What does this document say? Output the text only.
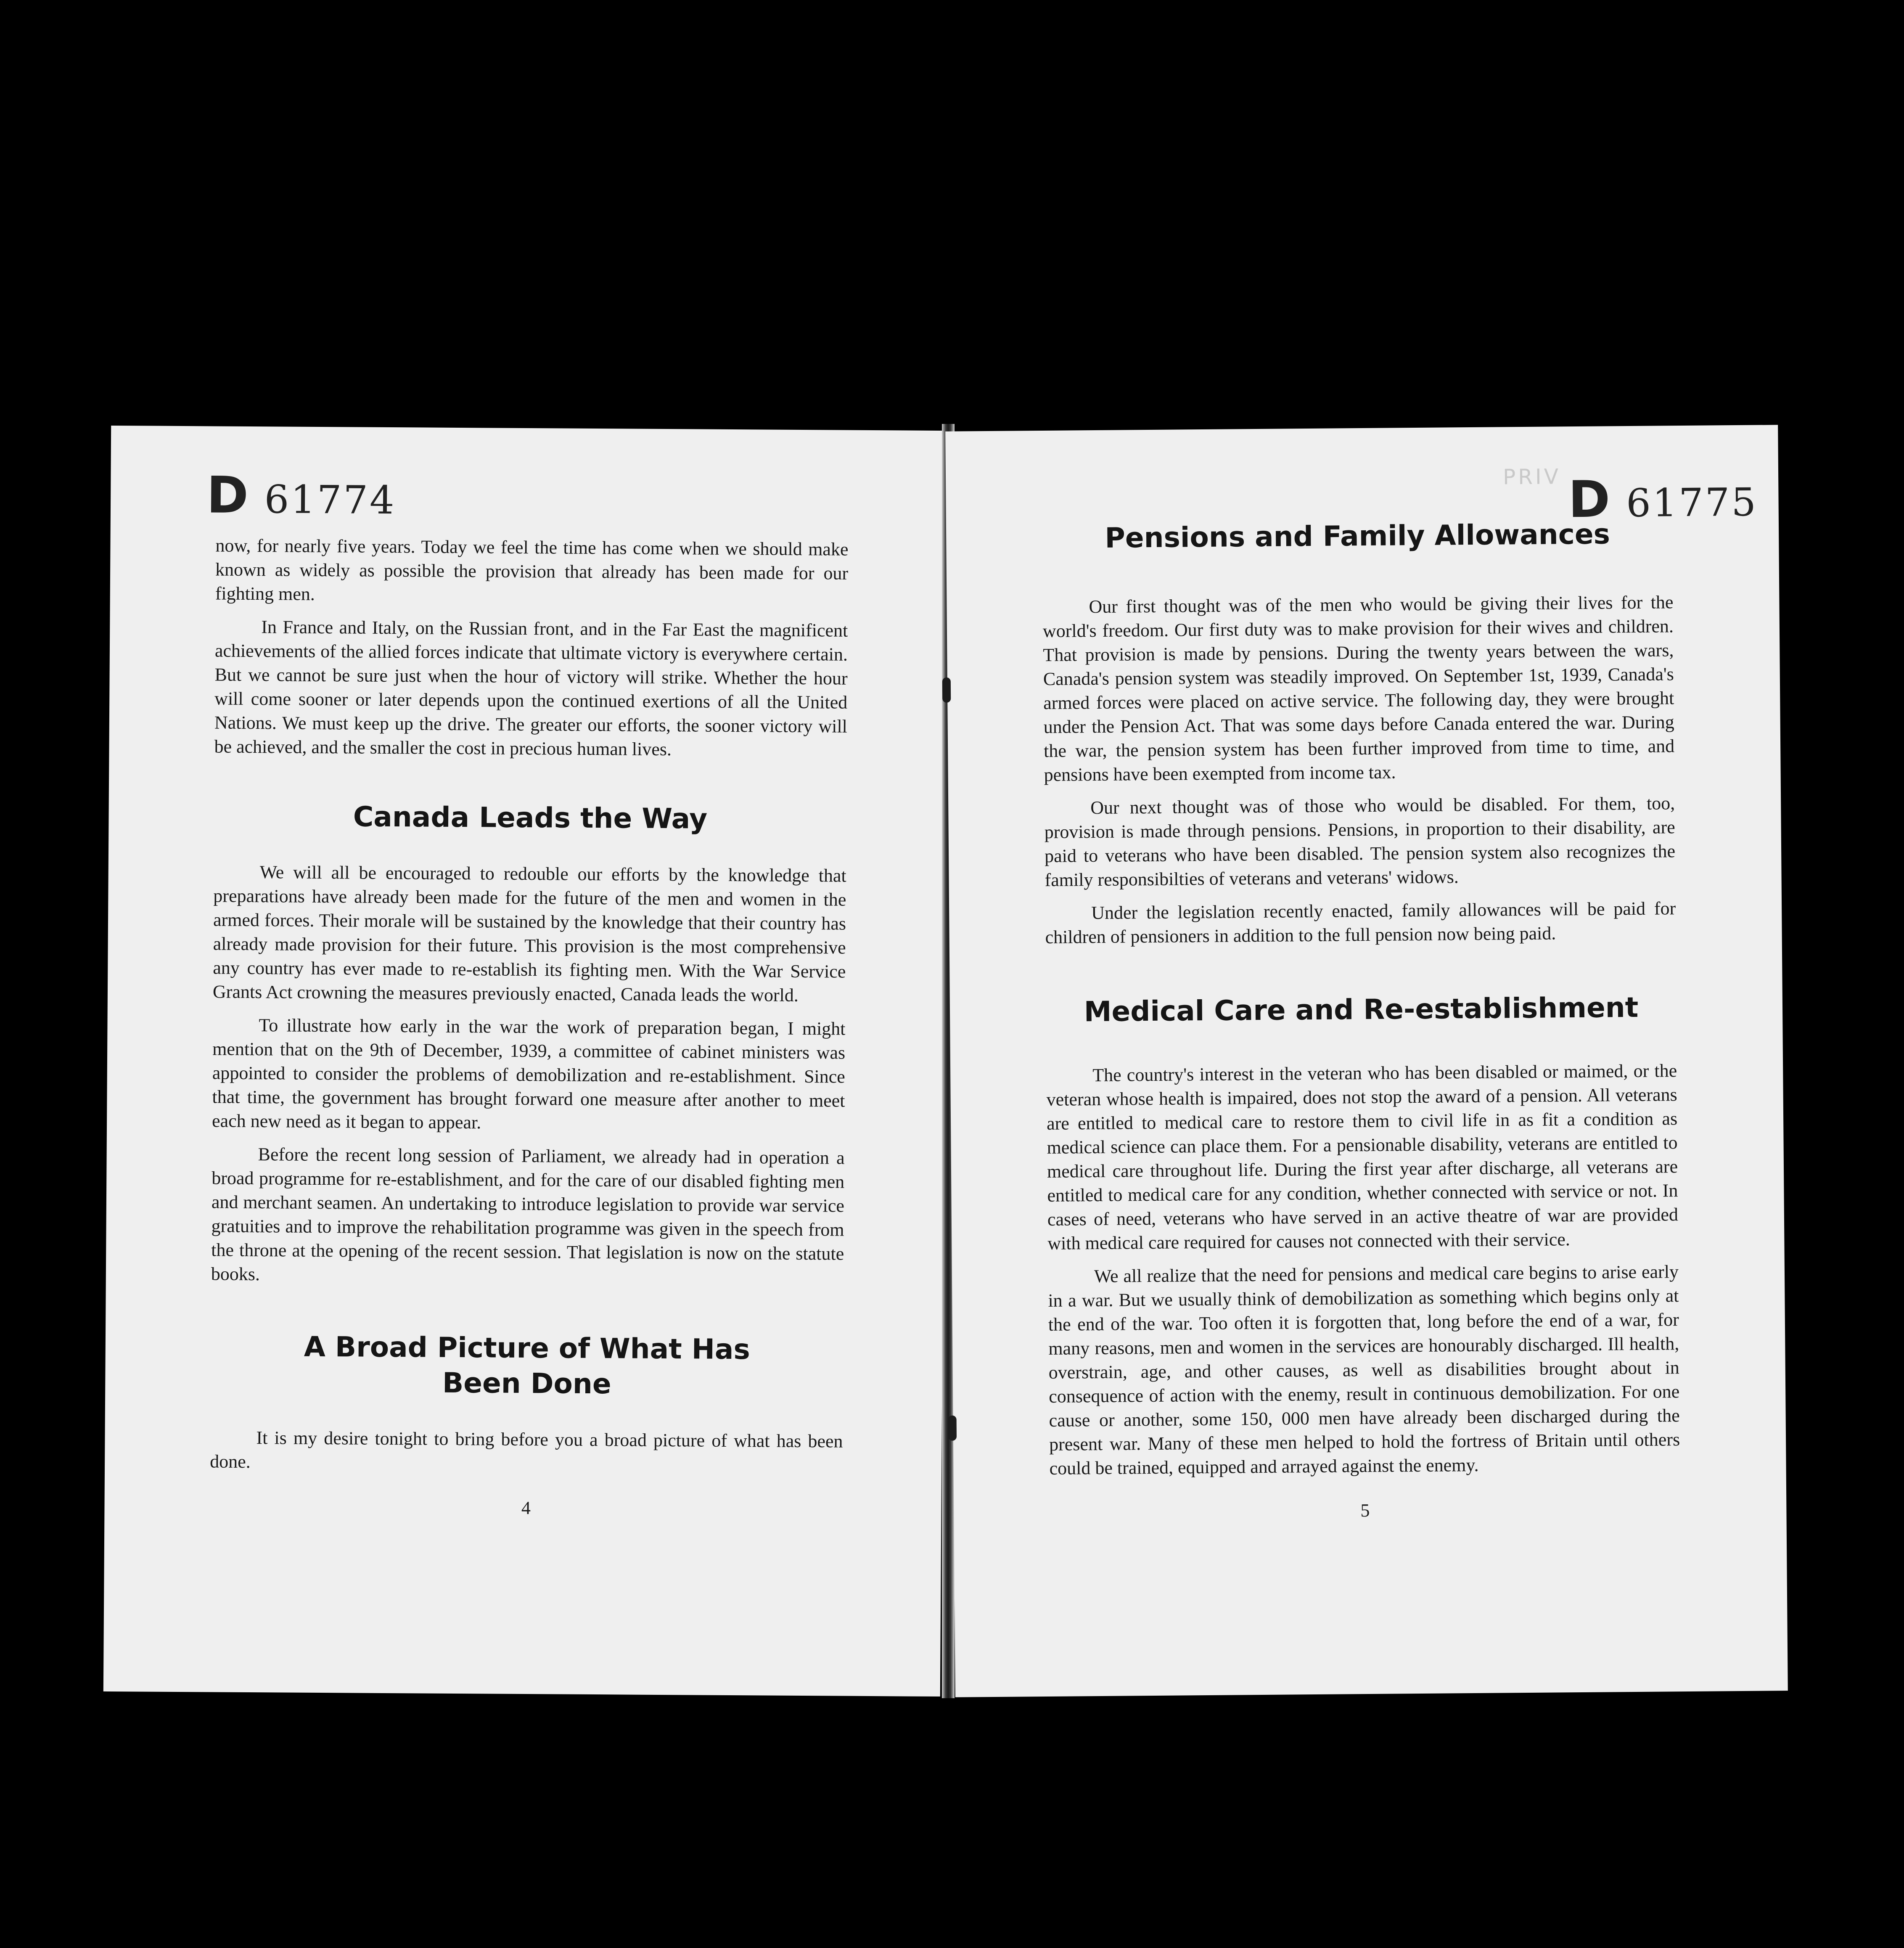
D 61774

now, for nearly five years. Today we feel the time has come when we should make known as widely as possible the provision that already has been made for our fighting men.

In France and Italy, on the Russian front, and in the Far East the magnificent achievements of the allied forces indicate that ultimate victory is everywhere certain. But we cannot be sure just when the hour of victory will strike. Whether the hour will come sooner or later depends upon the continued exertions of all the United Nations. We must keep up the drive. The greater our efforts, the sooner victory will be achieved, and the smaller the cost in precious human lives.

Canada Leads the Way

We will all be encouraged to redouble our efforts by the knowledge that preparations have already been made for the future of the men and women in the armed forces. Their morale will be sustained by the knowledge that their country has already made provision for their future. This provision is the most comprehensive any country has ever made to re-establish its fighting men. With the War Service Grants Act crowning the measures previously enacted, Canada leads the world.

To illustrate how early in the war the work of preparation began, I might mention that on the 9th of December, 1939, a committee of cabinet ministers was appointed to consider the problems of demobilization and re-establishment. Since that time, the government has brought forward one measure after another to meet each new need as it began to appear.

Before the recent long session of Parliament, we already had in operation a broad programme for re-establishment, and for the care of our disabled fighting men and merchant seamen. An undertaking to introduce legislation to provide war service gratuities and to improve the rehabilitation programme was given in the speech from the throne at the opening of the recent session. That legislation is now on the statute books.

A Broad Picture of What Has
Been Done

It is my desire tonight to bring before you a broad picture of what has been done.

4
PRIV D 61775
Pensions and Family Allowances

Our first thought was of the men who would be giving their lives for the world's freedom. Our first duty was to make provision for their wives and children. That provision is made by pensions. During the twenty years between the wars, Canada's pension system was steadily improved. On September 1st, 1939, Canada's armed forces were placed on active service. The following day, they were brought under the Pension Act. That was some days before Canada entered the war. During the war, the pension system has been further improved from time to time, and pensions have been exempted from income tax.

Our next thought was of those who would be disabled. For them, too, provision is made through pensions. Pensions, in proportion to their disability, are paid to veterans who have been disabled. The pension system also recognizes the family responsibilties of veterans and veterans' widows.

Under the legislation recently enacted, family allowances will be paid for children of pensioners in addition to the full pension now being paid.

Medical Care and Re-establishment

The country's interest in the veteran who has been disabled or maimed, or the veteran whose health is impaired, does not stop the award of a pension. All veterans are entitled to medical care to restore them to civil life in as fit a condition as medical science can place them. For a pensionable disability, veterans are entitled to medical care throughout life. During the first year after discharge, all veterans are entitled to medical care for any condition, whether connected with service or not. In cases of need, veterans who have served in an active theatre of war are provided with medical care required for causes not connected with their service.

We all realize that the need for pensions and medical care begins to arise early in a war. But we usually think of demobilization as something which begins only at the end of the war. Too often it is forgotten that, long before the end of a war, for many reasons, men and women in the services are honourably discharged. Ill health, overstrain, age, and other causes, as well as disabilities brought about in consequence of action with the enemy, result in continuous demobilization. For one cause or another, some 150, 000 men have already been discharged during the present war. Many of these men helped to hold the fortress of Britain until others could be trained, equipped and arrayed against the enemy.

5
